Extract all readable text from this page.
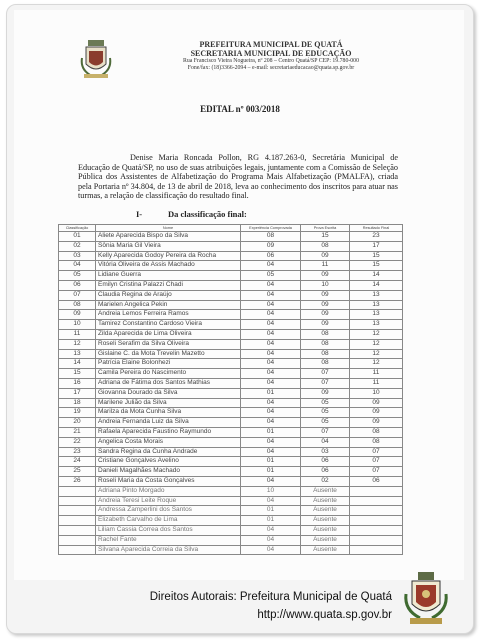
PREFEITURA MUNICIPAL DE QUATÁ
SECRETARIA MUNICIPAL DE EDUCAÇÃO
Rua Francisco Vieira Nogueira, nº 208 – Centro Quatá/SP CEP: 19.780-000
Fone/fax: (18)3366-2094 – e-mail: secretariaeducacao@quata.sp.gov.br
EDITAL nº 003/2018
Denise Maria Roncada Pollon, RG 4.187.263-0, Secretária Municipal de Educação de Quatá/SP, no uso de suas atribuições legais, juntamente com a Comissão de Seleção Pública dos Assistentes de Alfabetização do Programa Mais Alfabetização (PMALFA), criada pela Portaria nº 34.804, de 13 de abril de 2018, leva ao conhecimento dos inscritos para atuar nas turmas, a relação de classificação do resultado final.
I-	Da classificação final:
Classificação	Nome	Experiência Comprovada	Prova Escrita	Resultado Final
01	Aliete Aparecida Bispo da Silva	08	15	23
02	Sônia Maria Gil Vieira	09	08	17
03	Kelly Aparecida Godoy Pereira da Rocha	06	09	15
04	Vitória Oliveira de Assis Machado	04	11	15
05	Lidiane Guerra	05	09	14
06	Emilyn Cristina Palazzi Chadi	04	10	14
07	Claudia Regina de Araújo	04	09	13
08	Marielen Angelica Pekin	04	09	13
09	Andreia Lemos Ferreira Ramos	04	09	13
10	Tamirez Constantino Cardoso Vieira	04	09	13
11	Zilda Aparecida de Lima Oliveira	04	08	12
12	Roseli Serafim da Silva Oliveira	04	08	12
13	Gislaine C. da Mota Trevelin Mazetto	04	08	12
14	Patrícia Elaine Bolonhezi	04	08	12
15	Camila Pereira do Nascimento	04	07	11
16	Adriana de Fátima dos Santos Mathias	04	07	11
17	Giovanna Dourado da Silva	01	09	10
18	Marilene Julião da Silva	04	05	09
19	Marilza da Mota Cunha Silva	04	05	09
20	Andreia Fernanda Luiz da Silva	04	05	09
21	Rafaela Aparecida Faustino Raymundo	01	07	08
22	Angelica Costa Morais	04	04	08
23	Sandra Regina da Cunha Andrade	04	03	07
24	Cristiane Gonçalves Avelino	01	06	07
25	Danieli Magalhães Machado	01	06	07
26	Roseli Maria da Costa Gonçalves	04	02	06
	Adriana Pinto Morgado	10	Ausente	
	Andreia Teresi Leite Roque	04	Ausente	
	Andressa Zamperlini dos Santos	01	Ausente	
	Elizabeth Carvalho de Lima	01	Ausente	
	Liliam Cassia Correa dos Santos	04	Ausente	
	Rachel Fante	04	Ausente	
	Silvana Aparecida Correia da Silva	04	Ausente	
Direitos Autorais: Prefeitura Municipal de Quatá
http://www.quata.sp.gov.br
